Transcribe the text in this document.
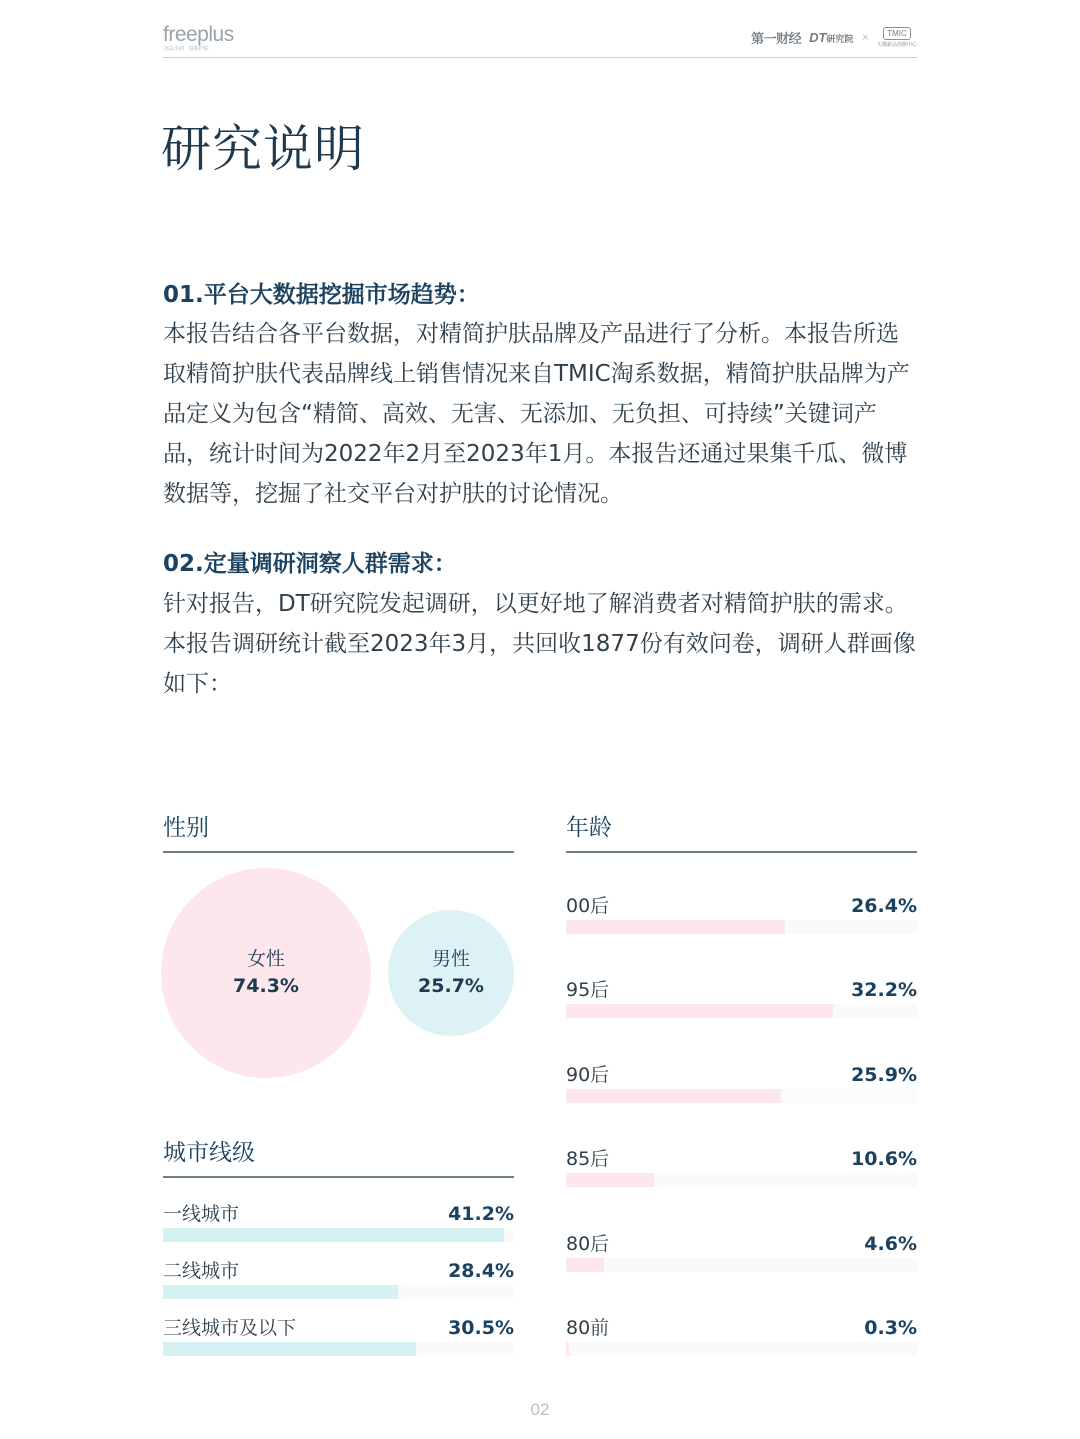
freeplus
冰晶水润 · 温和护肤
第一财经 DT研究院 ×	TMIC
天猫新品创新中心
研究说明
01.平台大数据挖掘市场趋势：
本报告结合各平台数据，对精简护肤品牌及产品进行了分析。本报告所选取精简护肤代表品牌线上销售情况来自TMIC淘系数据，精简护肤品牌为产品定义为包含“精简、高效、无害、无添加、无负担、可持续”关键词产品，统计时间为2022年2月至2023年1月。本报告还通过果集千瓜、微博数据等，挖掘了社交平台对护肤的讨论情况。
02.定量调研洞察人群需求：
针对报告，DT研究院发起调研，以更好地了解消费者对精简护肤的需求。本报告调研统计截至2023年3月，共回收1877份有效问卷，调研人群画像如下：
性别
女性
74.3%
男性
25.7%
城市线级
一线城市	41.2%
二线城市	28.4%
三线城市及以下	30.5%
年龄
00后	26.4%
95后	32.2%
90后	25.9%
85后	10.6%
80后	4.6%
80前	0.3%
02
